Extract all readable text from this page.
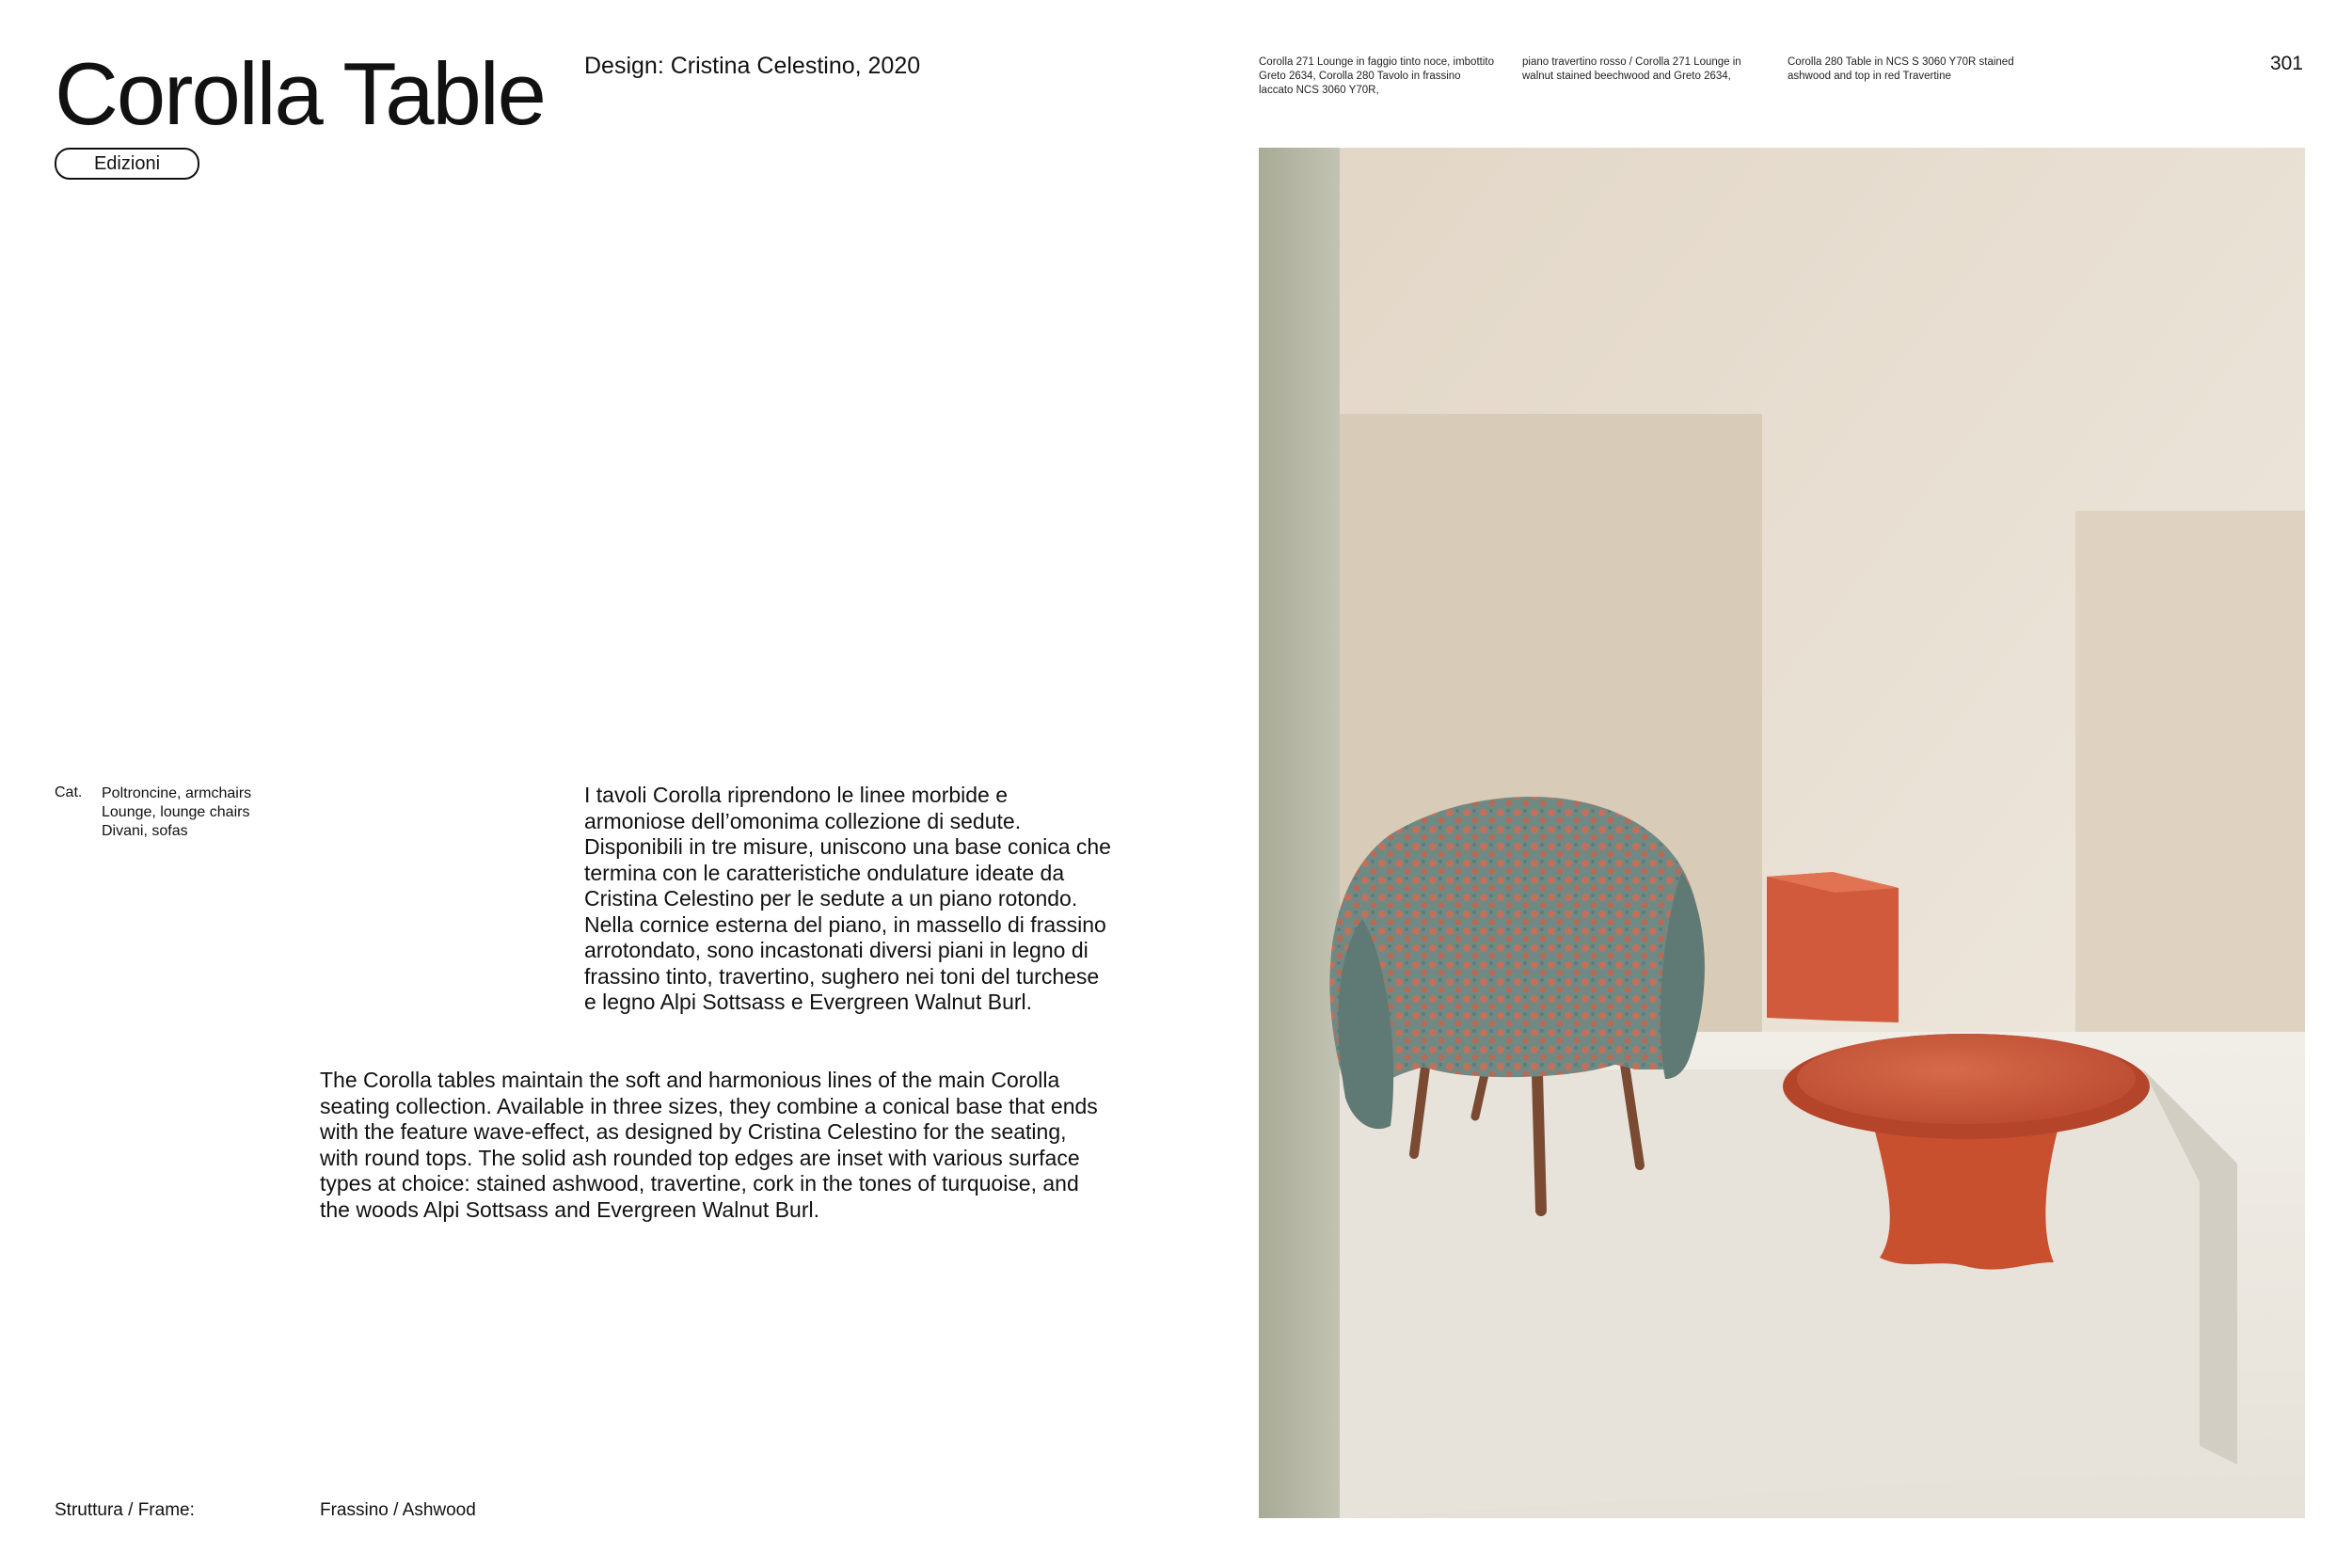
Corolla Table
Edizioni
Design: Cristina Celestino, 2020	Corolla 271 Lounge in faggio tinto noce, imbottito Greto 2634, Corolla 280 Tavolo in frassino laccato NCS 3060 Y70R,
piano travertino rosso / Corolla 271 Lounge in walnut stained beechwood and Greto 2634,
Corolla 280 Table in NCS S 3060 Y70R stained ashwood and top in red Travertine
301
Cat. Poltroncine, armchairs
Lounge, lounge chairs
Divani, sofas
I tavoli Corolla riprendono le linee morbide e armoniose dell’omonima collezione di sedute. Disponibili in tre misure, uniscono una base conica che termina con le caratteristiche ondulature ideate da Cristina Celestino per le sedute a un piano rotondo. Nella cornice esterna del piano, in massello di frassino arrotondato, sono incastonati diversi piani in legno di frassino tinto, travertino, sughero nei toni del turchese e legno Alpi Sottsass e Evergreen Walnut Burl.
The Corolla tables maintain the soft and harmonious lines of the main Corolla seating collection. Available in three sizes, they combine a conical base that ends with the feature wave-effect, as designed by Cristina Celestino for the seating, with round tops. The solid ash rounded top edges are inset with various surface types at choice: stained ashwood, travertine, cork in the tones of turquoise, and the woods Alpi Sottsass and Evergreen Walnut Burl.
Struttura / Frame:	Frassino / Ashwood
